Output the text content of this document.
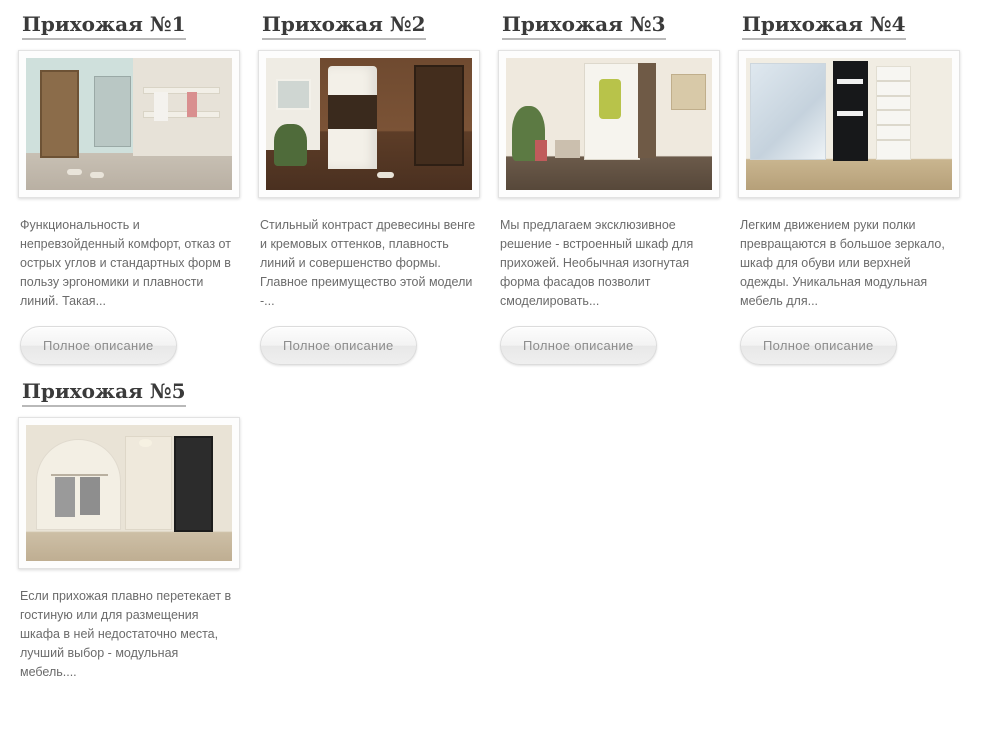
Прихожая №1

Функциональность и непревзойденный комфорт, отказ от острых углов и стандартных форм в пользу эргономики и плавности линий. Такая...

Полное описание
Прихожая №2

Стильный контраст древесины венге и кремовых оттенков, плавность линий и совершенство формы. Главное преимущество этой модели -...

Полное описание
Прихожая №3

Мы предлагаем эксклюзивное решение - встроенный шкаф для прихожей. Необычная изогнутая форма фасадов позволит смоделировать...

Полное описание
Прихожая №4

Легким движением руки полки превращаются в большое зеркало, шкаф для обуви или верхней одежды. Уникальная модульная мебель для...

Полное описание
Прихожая №5

Если прихожая плавно перетекает в гостиную или для размещения шкафа в ней недостаточно места, лучший выбор - модульная мебель....
